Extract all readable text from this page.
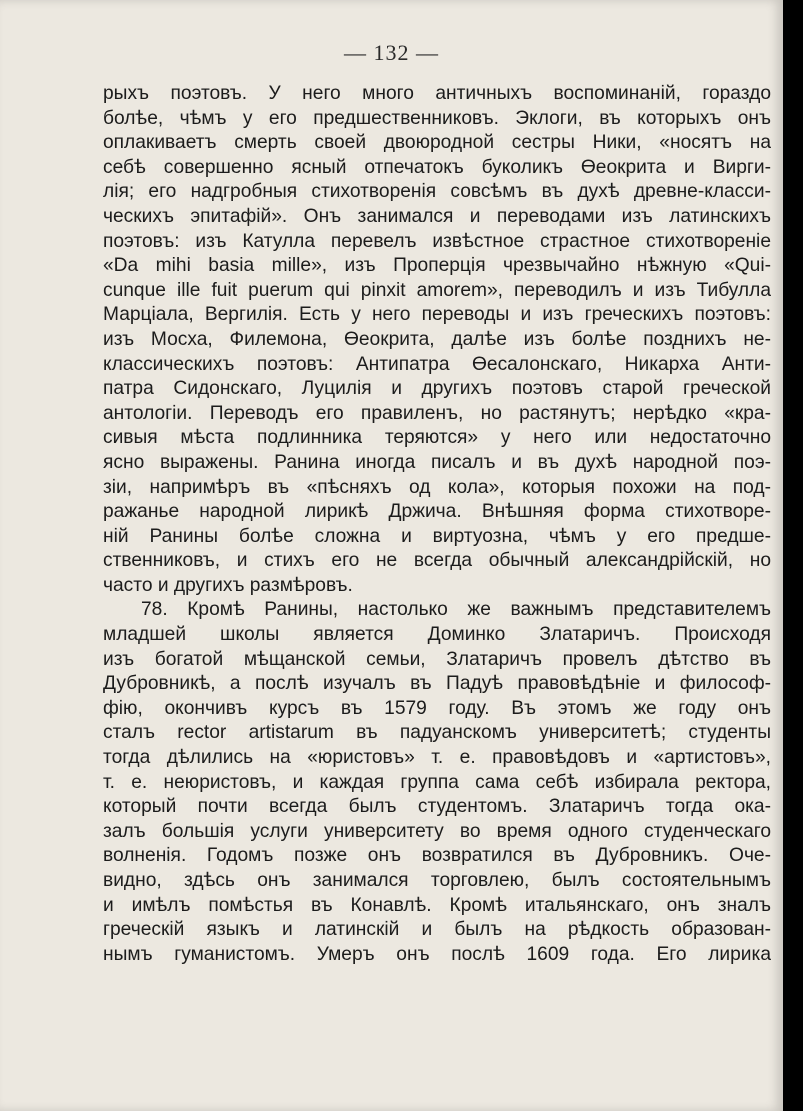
— 132 —
рыхъ поэтовъ. У него много античныхъ воспоминаній, гораздо
болѣе, чѣмъ у его предшественниковъ. Эклоги, въ которыхъ онъ
оплакиваетъ смерть своей двоюродной сестры Ники, «носятъ на
себѣ совершенно ясный отпечатокъ буколикъ Өеокрита и Вирги-
лія; его надгробныя стихотворенія совсѣмъ въ духѣ древне-класси-
ческихъ эпитафій». Онъ занимался и переводами изъ латинскихъ
поэтовъ: изъ Катулла перевелъ извѣстное страстное стихотвореніе
«Da mihi basia mille», изъ Проперція чрезвычайно нѣжную «Qui-
cunque ille fuit puerum qui pinxit amorem», переводилъ и изъ Тибулла
Марціала, Вергилія. Есть у него переводы и изъ греческихъ поэтовъ:
изъ Мосха, Филемона, Өеокрита, далѣе изъ болѣе позднихъ не-
классическихъ поэтовъ: Антипатра Өесалонскаго, Никарха Анти-
патра Сидонскаго, Луцилія и другихъ поэтовъ старой греческой
антологіи. Переводъ его правиленъ, но растянутъ; нерѣдко «кра-
сивыя мѣста подлинника теряются» у него или недостаточно
ясно выражены. Ранина иногда писалъ и въ духѣ народной поэ-
зіи, напримѣръ въ «пѣсняхъ од кола», которыя похожи на под-
ражанье народной лирикѣ Држича. Внѣшняя форма стихотворе-
ній Ранины болѣе сложна и виртуозна, чѣмъ у его предше-
ственниковъ, и стихъ его не всегда обычный александрійскій, но
часто и другихъ размѣровъ.
78. Кромѣ Ранины, настолько же важнымъ представителемъ
младшей школы является Доминко Златаричъ. Происходя
изъ богатой мѣщанской семьи, Златаричъ провелъ дѣтство въ
Дубровникѣ, а послѣ изучалъ въ Падуѣ правовѣдѣніе и философ-
фію, окончивъ курсъ въ 1579 году. Въ этомъ же году онъ
сталъ rector artistarum въ падуанскомъ университетѣ; студенты
тогда дѣлились на «юристовъ» т. е. правовѣдовъ и «артистовъ»,
т. е. неюристовъ, и каждая группа сама себѣ избирала ректора,
который почти всегда былъ студентомъ. Златаричъ тогда ока-
залъ большія услуги университету во время одного студенческаго
волненія. Годомъ позже онъ возвратился въ Дубровникъ. Оче-
видно, здѣсь онъ занимался торговлею, былъ состоятельнымъ
и имѣлъ помѣстья въ Конавлѣ. Кромѣ итальянскаго, онъ зналъ
греческій языкъ и латинскій и былъ на рѣдкость образован-
нымъ гуманистомъ. Умеръ онъ послѣ 1609 года. Его лирика
